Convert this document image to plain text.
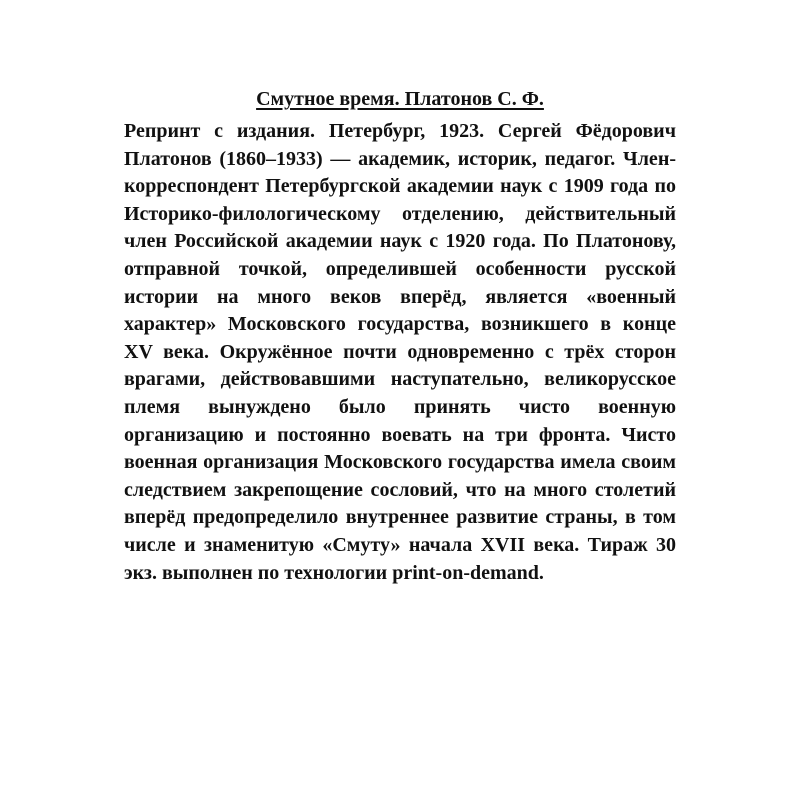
Смутное время. Платонов С. Ф.

Репринт с издания. Петербург, 1923. Сергей Фёдорович Платонов (1860–1933) — академик, историк, педагог. Член-корреспондент Петербургской академии наук с 1909 года по Историко-филологическому отделению, действительный член Российской академии наук с 1920 года. По Платонову, отправной точкой, определившей особенности русской истории на много веков вперёд, является «военный характер» Московского государства, возникшего в конце XV века. Окружённое почти одновременно с трёх сторон врагами, действовавшими наступательно, великорусское племя вынуждено было принять чисто военную организацию и постоянно воевать на три фронта. Чисто военная организация Московского государства имела своим следствием закрепощение сословий, что на много столетий вперёд предопределило внутреннее развитие страны, в том числе и знаменитую «Смуту» начала XVII века. Тираж 30 экз. выполнен по технологии print-on-demand.
